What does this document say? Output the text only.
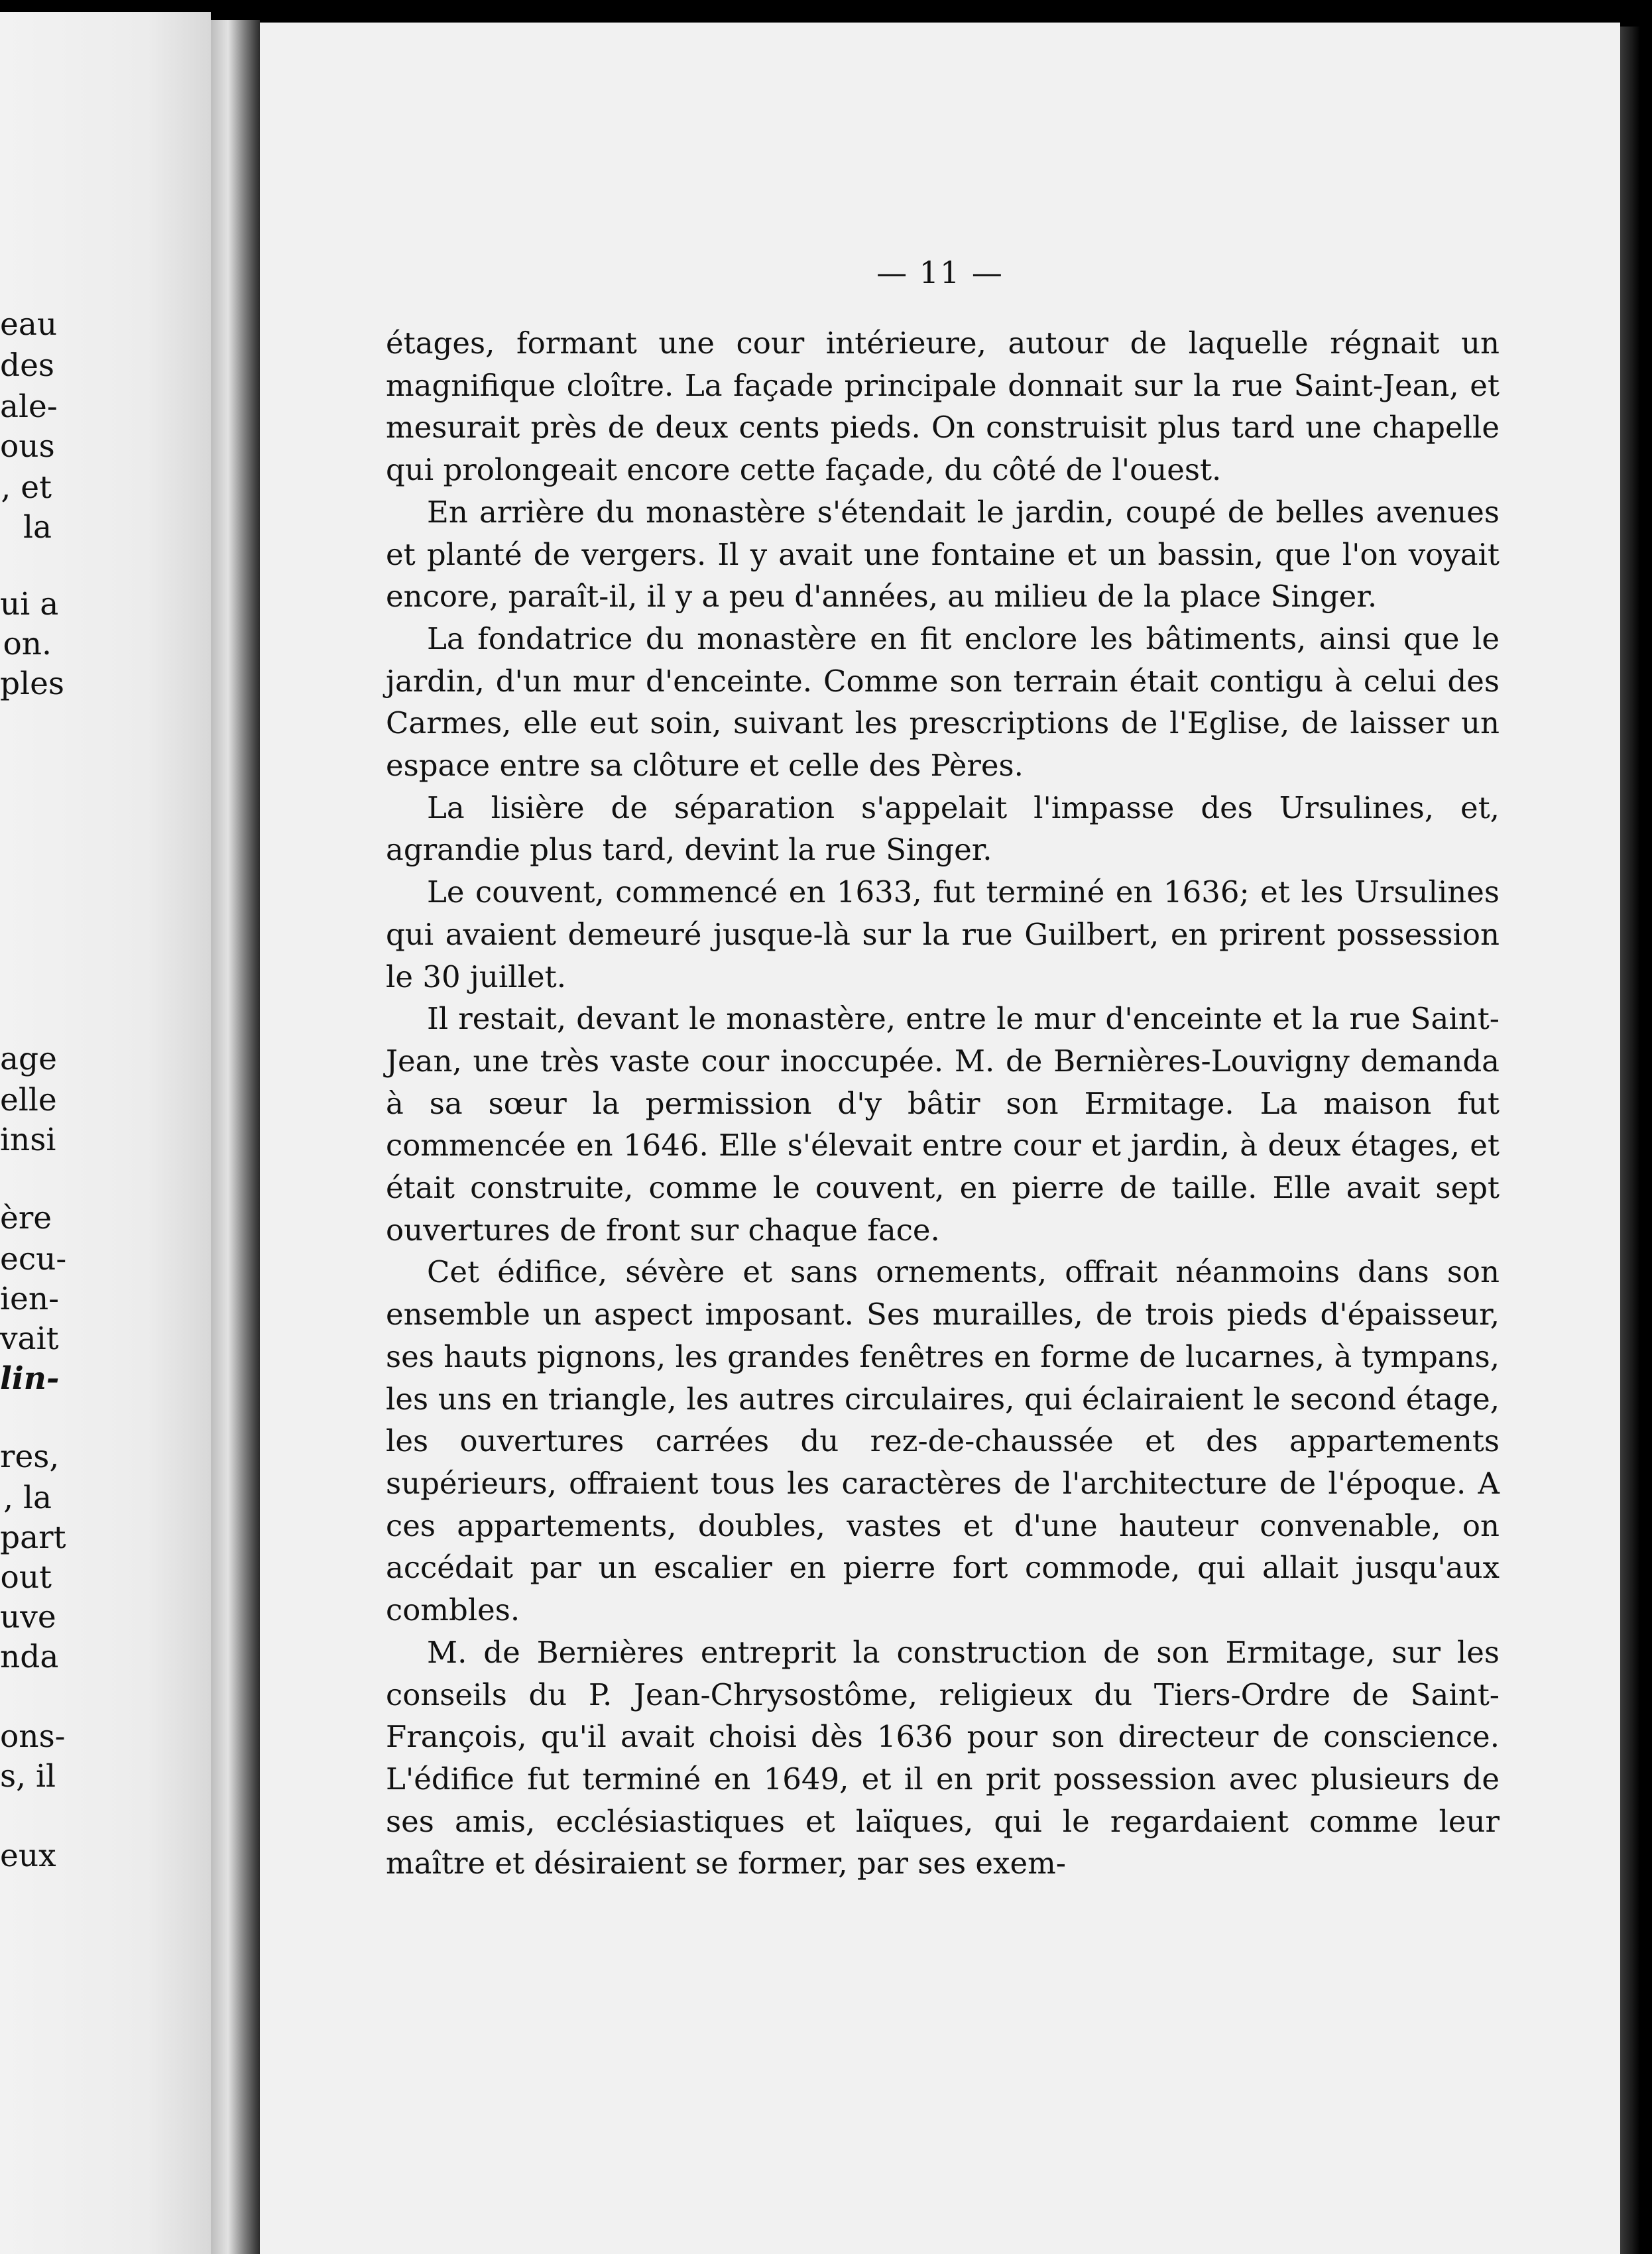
eau
des
ale-
ous
, et
la
ui a
on.
ples
age
elle
insi
ère
ecu-
ien-
vait
lin-
res,
, la
part
out
uve
nda
ons-
s, il
eux
— 11 —

étages, formant une cour intérieure, autour de laquelle régnait un magnifique cloître. La façade principale donnait sur la rue Saint-Jean, et mesurait près de deux cents pieds. On construisit plus tard une chapelle qui prolongeait encore cette façade, du côté de l'ouest.

En arrière du monastère s'étendait le jardin, coupé de belles avenues et planté de vergers. Il y avait une fontaine et un bassin, que l'on voyait encore, paraît-il, il y a peu d'années, au milieu de la place Singer.

La fondatrice du monastère en fit enclore les bâtiments, ainsi que le jardin, d'un mur d'enceinte. Comme son terrain était contigu à celui des Carmes, elle eut soin, suivant les prescriptions de l'Eglise, de laisser un espace entre sa clôture et celle des Pères.

La lisière de séparation s'appelait l'impasse des Ursulines, et, agrandie plus tard, devint la rue Singer.

Le couvent, commencé en 1633, fut terminé en 1636; et les Ursulines qui avaient demeuré jusque-là sur la rue Guilbert, en prirent possession le 30 juillet.

Il restait, devant le monastère, entre le mur d'enceinte et la rue Saint-Jean, une très vaste cour inoccupée. M. de Bernières-Louvigny demanda à sa sœur la permission d'y bâtir son Ermitage. La maison fut commencée en 1646. Elle s'élevait entre cour et jardin, à deux étages, et était construite, comme le couvent, en pierre de taille. Elle avait sept ouvertures de front sur chaque face.

Cet édifice, sévère et sans ornements, offrait néanmoins dans son ensemble un aspect imposant. Ses murailles, de trois pieds d'épaisseur, ses hauts pignons, les grandes fenêtres en forme de lucarnes, à tympans, les uns en triangle, les autres circulaires, qui éclairaient le second étage, les ouvertures carrées du rez-de-chaussée et des appartements supérieurs, offraient tous les caractères de l'architecture de l'époque. A ces appartements, doubles, vastes et d'une hauteur convenable, on accédait par un escalier en pierre fort commode, qui allait jusqu'aux combles.

M. de Bernières entreprit la construction de son Ermitage, sur les conseils du P. Jean-Chrysostôme, religieux du Tiers-Ordre de Saint-François, qu'il avait choisi dès 1636 pour son directeur de conscience. L'édifice fut terminé en 1649, et il en prit possession avec plusieurs de ses amis, ecclésiastiques et laïques, qui le regardaient comme leur maître et désiraient se former, par ses exem-
